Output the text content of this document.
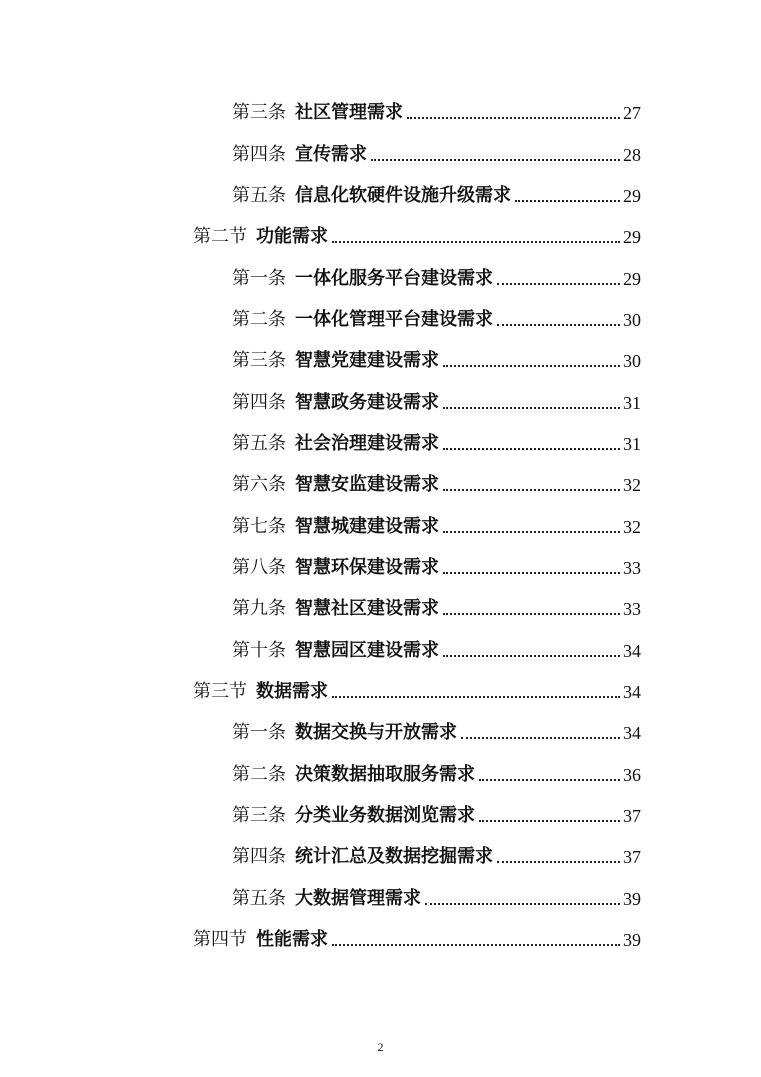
第三条 社区管理需求	27
第四条 宣传需求	28
第五条 信息化软硬件设施升级需求	29
第二节 功能需求	29
第一条 一体化服务平台建设需求	29
第二条 一体化管理平台建设需求	30
第三条 智慧党建建设需求	30
第四条 智慧政务建设需求	31
第五条 社会治理建设需求	31
第六条 智慧安监建设需求	32
第七条 智慧城建建设需求	32
第八条 智慧环保建设需求	33
第九条 智慧社区建设需求	33
第十条 智慧园区建设需求	34
第三节 数据需求	34
第一条 数据交换与开放需求	34
第二条 决策数据抽取服务需求	36
第三条 分类业务数据浏览需求	37
第四条 统计汇总及数据挖掘需求	37
第五条 大数据管理需求	39
第四节 性能需求	39
2
